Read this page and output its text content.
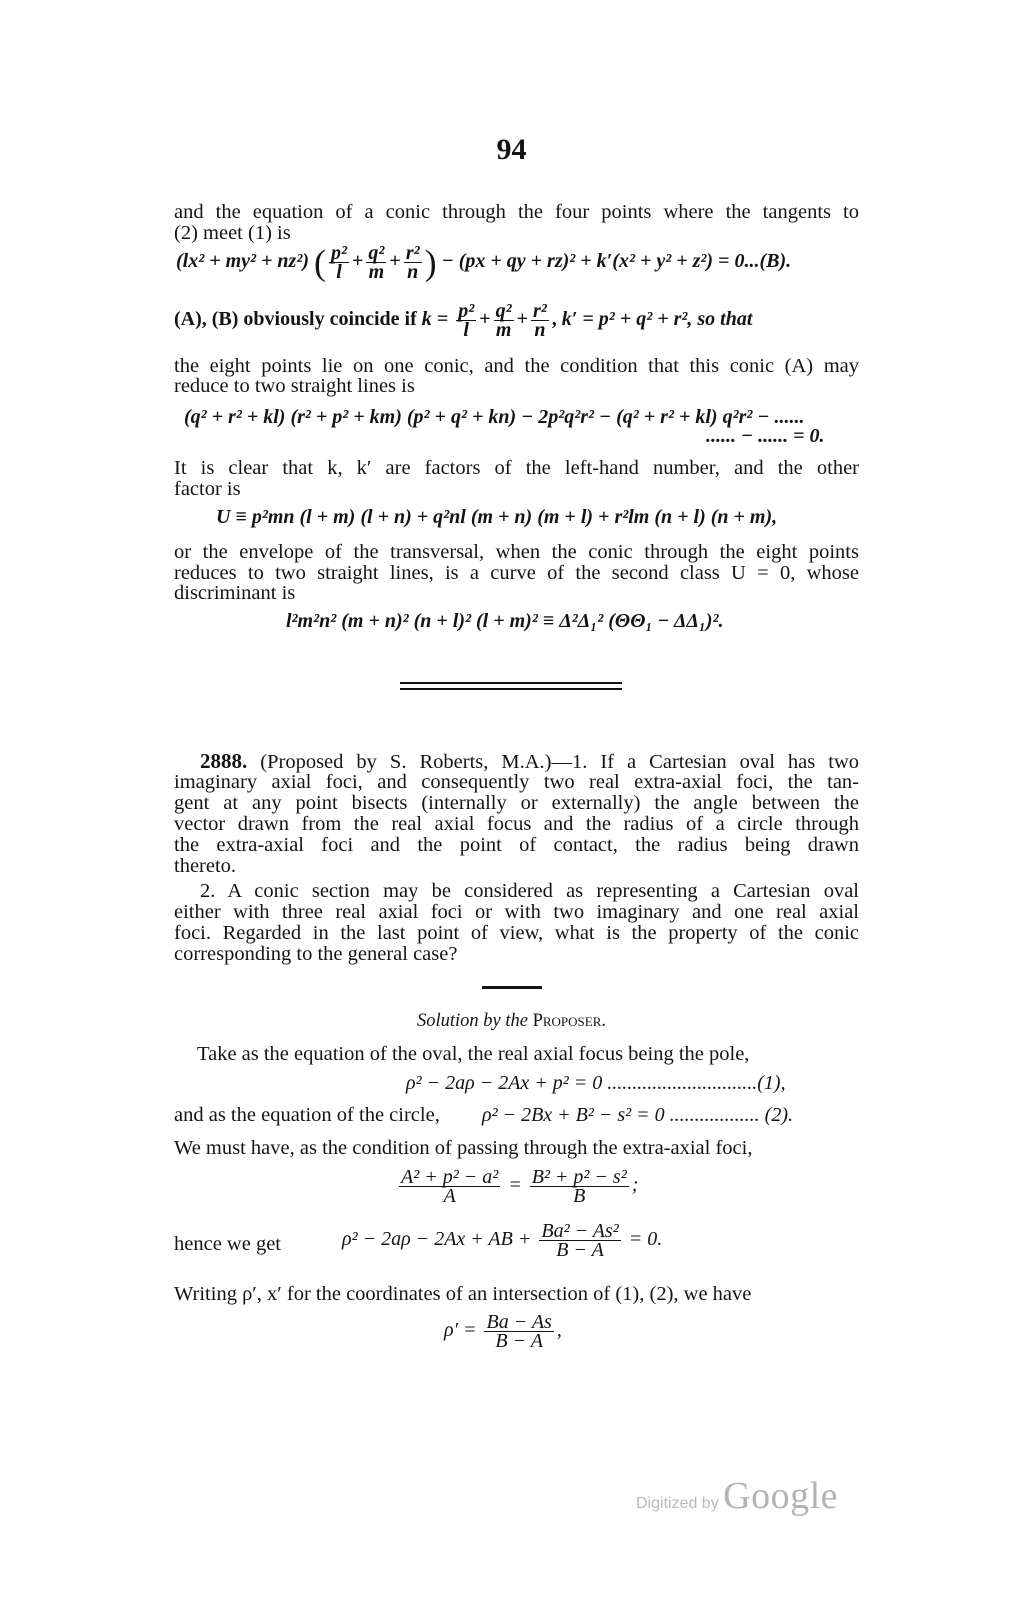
94
and the equation of a conic through the four points where the tangents to
(2) meet (1) is
(lx² + my² + nz²) ( $\frac{\text{p²}}{l} + \frac{\text{q²}}{m} + \frac{\text{r²}}{n}$ ) − (px + qy + rz)² + k′(x² + y² + z²) = 0...(B).
(A), (B) obviously coincide if $k = \frac{\text{p²}}{l} + \frac{\text{q²}}{m} + \frac{\text{r²}}{n}$ , k′ = p² + q² + r², so that
the eight points lie on one conic, and the condition that this conic (A) may
reduce to two straight lines is
(q² + r² + kl) (r² + p² + km) (p² + q² + kn) − 2p²q²r² − (q² + r² + kl) q²r² − ......
...... − ...... = 0.
It is clear that k, k′ are factors of the left-hand number, and the other
factor is
U ≡ p²mn (l + m) (l + n) + q²nl (m + n) (m + l) + r²lm (n + l) (n + m),
or the envelope of the transversal, when the conic through the eight points
reduces to two straight lines, is a curve of the second class U = 0, whose
discriminant is
l²m²n² (m + n)² (n + l)² (l + m)² ≡ Δ²Δ₁² (ΘΘ₁ − ΔΔ₁)².
2888. (Proposed by S. Roberts, M.A.)—1. If a Cartesian oval has two
imaginary axial foci, and consequently two real extra-axial foci, the tan-
gent at any point bisects (internally or externally) the angle between the
vector drawn from the real axial focus and the radius of a circle through
the extra-axial foci and the point of contact, the radius being drawn
thereto.
2. A conic section may be considered as representing a Cartesian oval
either with three real axial foci or with two imaginary and one real axial
foci. Regarded in the last point of view, what is the property of the conic
corresponding to the general case?
Solution by the Proposer.
Take as the equation of the oval, the real axial focus being the pole,
ρ² − 2aρ − 2Ax + p² = 0 ..............................(1),
and as the equation of the circle, ρ² − 2Bx + B² − s² = 0 .................. (2).
We must have, as the condition of passing through the extra-axial foci,
$\frac{\text{A² + p² − a²}}{A} = \frac{\text{B² + p² − s²}}{B}$ ;
hence we get	ρ² − 2aρ − 2Ax + AB + $\frac{\text{Ba² − As²}}{B - A} = 0$.
Writing ρ′, x′ for the coordinates of an intersection of (1), (2), we have
$\rho' = \frac{Ba - As}{B - A}$ ,
Digitized by Google
